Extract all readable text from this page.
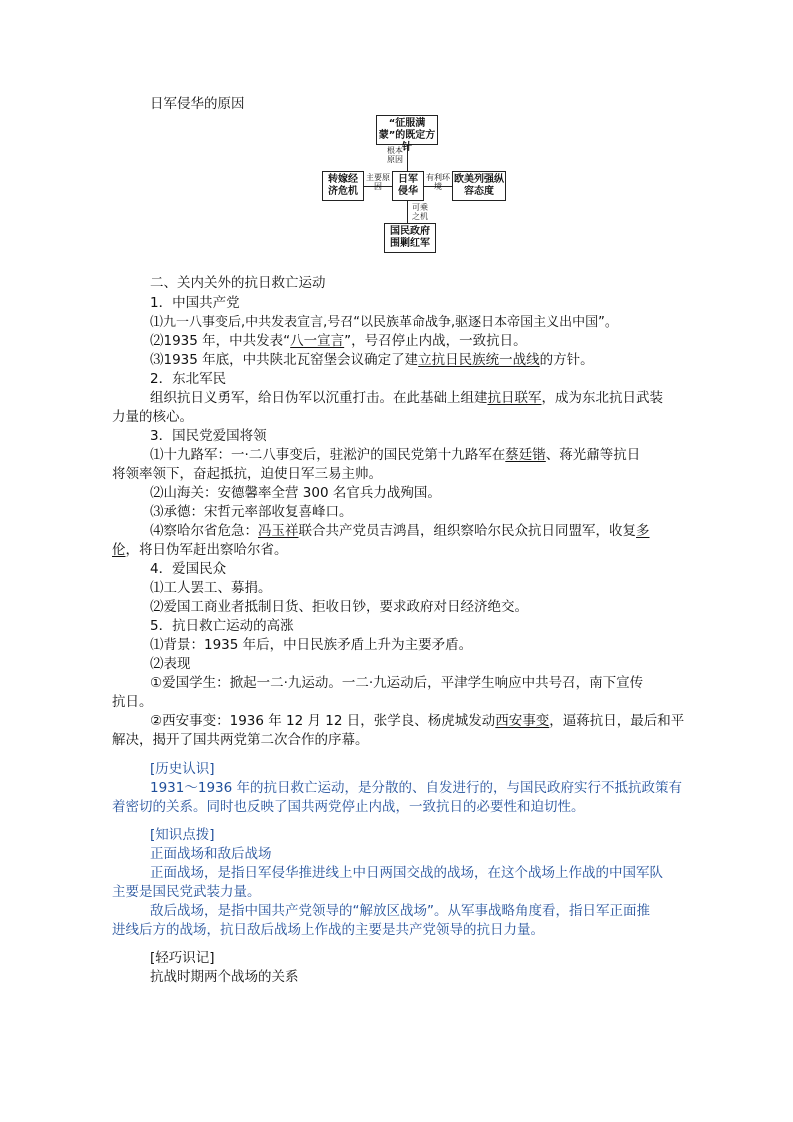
日军侵华的原因
“征服满蒙”的既定方针
根本原因
转嫁经济危机
主要原因
日军侵华
有利环境
欧美列强纵容态度
可乘之机
国民政府围剿红军
二、关内关外的抗日救亡运动
1．中国共产党
⑴九一八事变后,中共发表宣言,号召“以民族革命战争,驱逐日本帝国主义出中国”。
⑵1935 年，中共发表“八一宣言”，号召停止内战，一致抗日。
⑶1935 年底，中共陕北瓦窑堡会议确定了建立抗日民族统一战线的方针。
2．东北军民
组织抗日义勇军，给日伪军以沉重打击。在此基础上组建抗日联军，成为东北抗日武装
力量的核心。
3．国民党爱国将领
⑴十九路军：一·二八事变后，驻淞沪的国民党第十九路军在蔡廷锴、蒋光鼐等抗日
将领率领下，奋起抵抗，迫使日军三易主帅。
⑵山海关：安德馨率全营 300 名官兵力战殉国。
⑶承德：宋哲元率部收复喜峰口。
⑷察哈尔省危急：冯玉祥联合共产党员吉鸿昌，组织察哈尔民众抗日同盟军，收复多
伦，将日伪军赶出察哈尔省。
4．爱国民众
⑴工人罢工、募捐。
⑵爱国工商业者抵制日货、拒收日钞，要求政府对日经济绝交。
5．抗日救亡运动的高涨
⑴背景：1935 年后，中日民族矛盾上升为主要矛盾。
⑵表现
①爱国学生：掀起一二·九运动。一二·九运动后，平津学生响应中共号召，南下宣传
抗日。
②西安事变：1936 年 12 月 12 日，张学良、杨虎城发动西安事变，逼蒋抗日，最后和平
解决，揭开了国共两党第二次合作的序幕。
[历史认识]
1931～1936 年的抗日救亡运动，是分散的、自发进行的，与国民政府实行不抵抗政策有
着密切的关系。同时也反映了国共两党停止内战，一致抗日的必要性和迫切性。
[知识点拨]
正面战场和敌后战场
正面战场，是指日军侵华推进线上中日两国交战的战场，在这个战场上作战的中国军队
主要是国民党武装力量。
敌后战场，是指中国共产党领导的“解放区战场”。从军事战略角度看，指日军正面推
进线后方的战场，抗日敌后战场上作战的主要是共产党领导的抗日力量。
[轻巧识记]
抗战时期两个战场的关系
